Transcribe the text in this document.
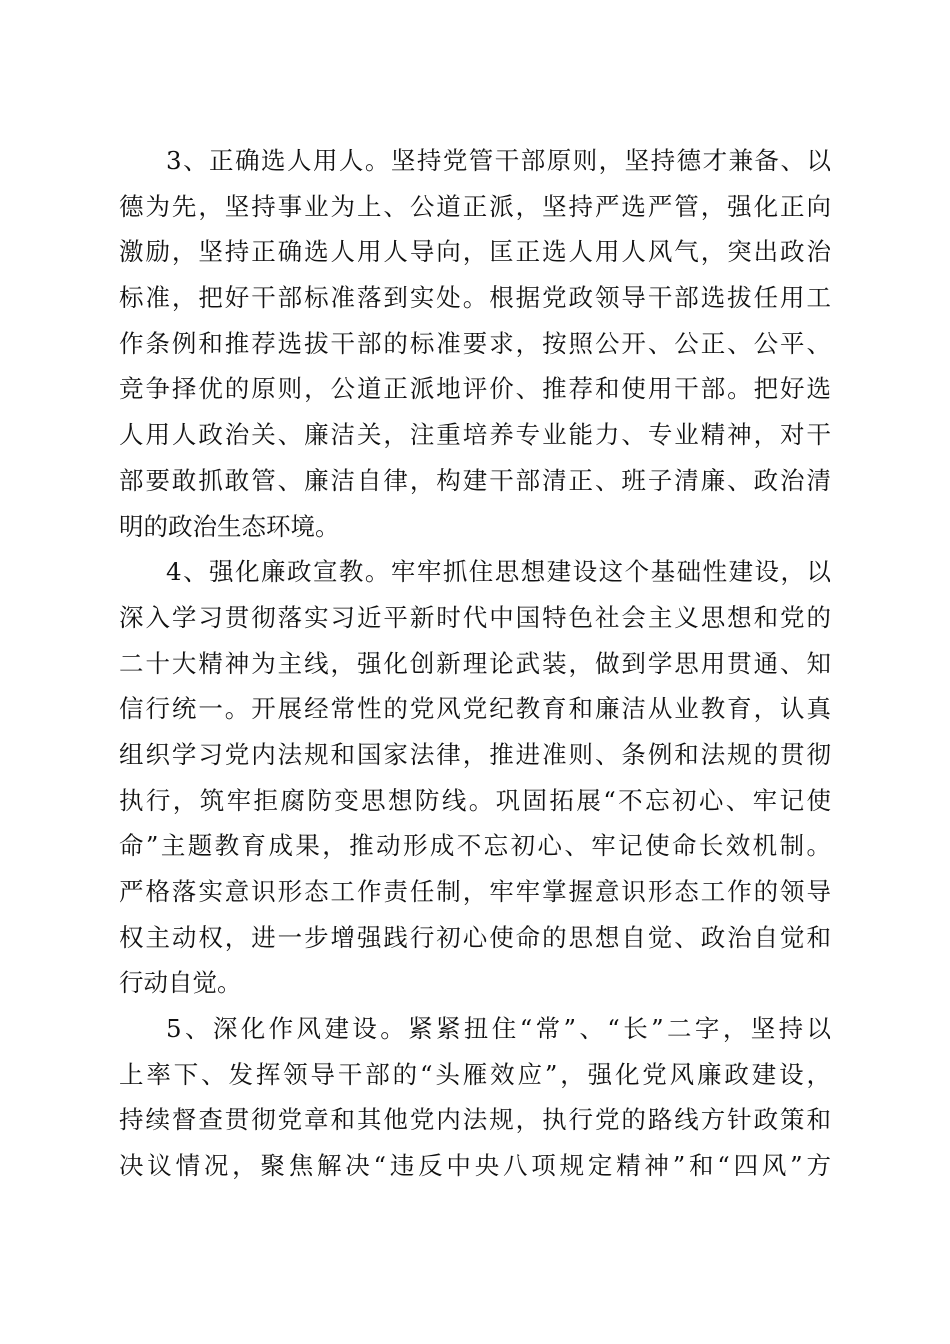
3、正确选人用人。坚持党管干部原则，坚持德才兼备、以
德为先，坚持事业为上、公道正派，坚持严选严管，强化正向
激励，坚持正确选人用人导向，匡正选人用人风气，突出政治
标准，把好干部标准落到实处。根据党政领导干部选拔任用工
作条例和推荐选拔干部的标准要求，按照公开、公正、公平、
竞争择优的原则，公道正派地评价、推荐和使用干部。把好选
人用人政治关、廉洁关，注重培养专业能力、专业精神，对干
部要敢抓敢管、廉洁自律，构建干部清正、班子清廉、政治清
明的政治生态环境。
4、强化廉政宣教。牢牢抓住思想建设这个基础性建设，以
深入学习贯彻落实习近平新时代中国特色社会主义思想和党的
二十大精神为主线，强化创新理论武装，做到学思用贯通、知
信行统一。开展经常性的党风党纪教育和廉洁从业教育，认真
组织学习党内法规和国家法律，推进准则、条例和法规的贯彻
执行，筑牢拒腐防变思想防线。巩固拓展“不忘初心、牢记使
命”主题教育成果，推动形成不忘初心、牢记使命长效机制。
严格落实意识形态工作责任制，牢牢掌握意识形态工作的领导
权主动权，进一步增强践行初心使命的思想自觉、政治自觉和
行动自觉。
5、深化作风建设。紧紧扭住“常”、“长”二字，坚持以
上率下、发挥领导干部的“头雁效应”，强化党风廉政建设，
持续督查贯彻党章和其他党内法规，执行党的路线方针政策和
决议情况，聚焦解决“违反中央八项规定精神”和“四风”方
